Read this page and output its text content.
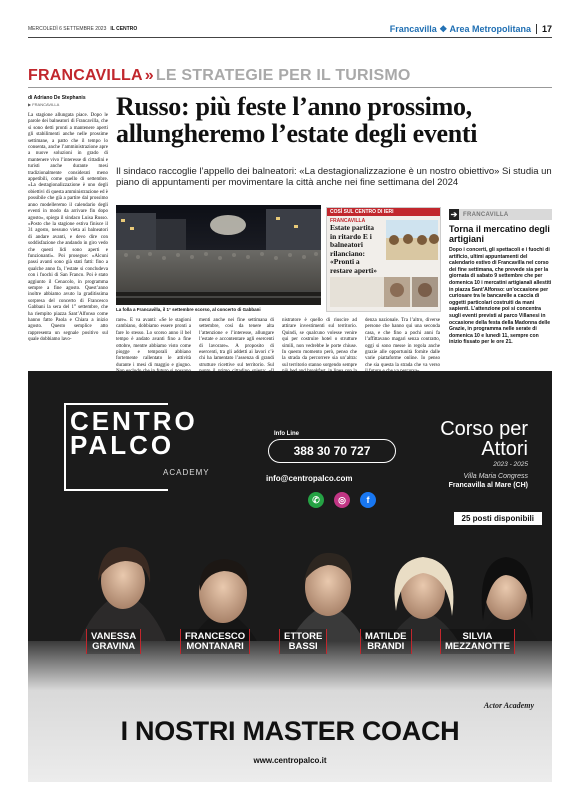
MERCOLEDÌ 6 SETTEMBRE 2023 IL CENTRO	Francavilla ❖ Area Metropolitana 17
FRANCAVILLA » LE STRATEGIE PER IL TURISMO
di Adriano De Stephanis
▶ FRANCAVILLA Russo: più feste l’anno prossimo, allungheremo l’estate degli eventi
Il sindaco raccoglie l’appello dei balneatori: «La destagionalizzazione è un nostro obiettivo» Si studia un piano di appuntamenti per movimentare la città anche nei fine settimana del 2024
La stagione allungata piace. Dopo le parole dei balneatori di Francavilla, che si sono detti pronti a mantenere aperti gli stabilimenti anche nelle prossime settimane, a patto che il tempo lo consenta, anche l’amministrazione apre a nuove soluzioni in grado di mantenere vivo l’interesse di cittadini e turisti anche durante mesi tradizionalmente considerati meno appetibili, come quello di settembre. «La destagionalizzazione è uno degli obiettivi di questa amministrazione ed è possibile che già a partire dal prossimo anno modelleremo il calendario degli eventi in modo da arrivare fin dopo agosto», spiega il sindaco Luisa Russo. «Posto che la stagione estiva finisce il 31 agosto, nessuno vieta ai balneatori di andare avanti, e devo dire con soddisfazione che andando in giro vedo che questi lidi sono aperti e funzionanti». Poi prosegue: «Alcuni passi avanti sono già stati fatti: fino a qualche anno fa, l’estate si concludeva con i fuochi di San Franco. Poi è stato aggiunto il Cenacolo, in programma sempre a fine agosto. Quest’anno inoltre abbiamo avuto la graditissima sorpresa del concerto di Francesco Gabbani la sera del 1° settembre, che ha riempito piazza Sant’Alfonso come hanno fatto Paola e Chiara a inizio agosto. Questo semplice atto rappresenta un segnale positivo sul quale dobbiamo lavo-
La folla a Francavilla, il 1° settembre scorso, al concerto di Gabbani
COSÌ SUL CENTRO DI IERI
FRANCAVILLA
Estate partita in ritardo E i balneatori rilanciano: «Pronti a restare aperti»
rare». E va avanti: «Se le stagioni cambiano, dobbiamo essere pronti a fare lo stesso. Lo scorso anno il bel tempo è andato avanti fino a fine ottobre, mentre abbiamo visto come piogge e temporali abbiano fortemente rallentato le attività durante i mesi di maggio e giugno.
menti anche nei fine settimana di settembre, così da tenere alta l’attenzione e l’interesse, allungare l’estate e accontentare agli esercenti di lavorare». A proposito di esercenti, tra gli addetti ai lavori c’è chi ha lamentato l’assenza di grandi strutture ricettive sul territorio. Sul
nistratore è quello di riuscire ad attirare investimenti sul territorio. Quindi, se qualcuno volesse venire qui per costruire hotel o strutture simili, non vedrebbe le porte chiuse. In questo momento però, penso che la strada da percorrere sia un’altra: sul territorio stanno sorgendo sempre
denza nazionale. Tra l’altro, diverse persone che hanno qui una seconda casa, e che fino a pochi anni fa l’affittavano magari senza contratto, oggi si sono messe in regola anche grazie alle opportunità fornite dalle varie piattaforme online. Io penso che sia questa la strada che va verso
➔ FRANCAVILLA
Torna il mercatino degli artigiani
Dopo i concerti, gli spettacoli e i fuochi di artificio, ultimi appuntamenti del calendario estivo di Francavilla nel corso dei fine settimana, che prevede sia per la giornata di sabato 9 settembre che per domenica 10 i mercatini artigianali allestiti in piazza Sant’Alfonso: un’occasione per curiosare tra le bancarelle a caccia di oggetti particolari costruiti da mani sapienti. L’attenzione poi si concentra sugli eventi previsti al parco Villanesi in occasione della festa della Madonna delle Grazie, in programma nelle serate di domenica 10 e lunedì 11, sempre con inizio fissato per le ore 21.
CENTRO
PALCO
ACADEMY
Info Line
388 30 70 727
info@centropalco.com
✆	◎	f
Corso per
Attori
2023 - 2025
Villa Maria Congress
Francavilla al Mare (CH)
25 posti disponibili
VANESSA
GRAVINA
FRANCESCO
MONTANARI
ETTORE
BASSI
MATILDE
BRANDI
SILVIA
MEZZANOTTE
Actor Academy
I NOSTRI MASTER COACH
www.centropalco.it
